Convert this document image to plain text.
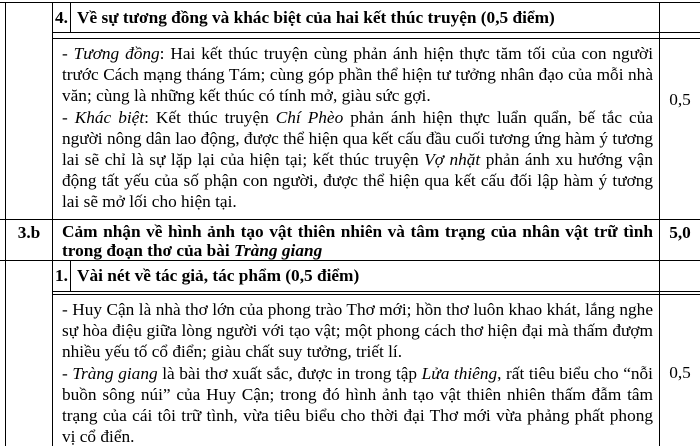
4. Về sự tương đồng và khác biệt của hai kết thúc truyện (0,5 điểm)

- Tương đồng: Hai kết thúc truyện cùng phản ánh hiện thực tăm tối của con người trước Cách mạng tháng Tám; cùng góp phần thể hiện tư tưởng nhân đạo của mỗi nhà văn; cùng là những kết thúc có tính mở, giàu sức gợi.

- Khác biệt: Kết thúc truyện Chí Phèo phản ánh hiện thực luẩn quẩn, bế tắc của người nông dân lao động, được thể hiện qua kết cấu đầu cuối tương ứng hàm ý tương lai sẽ chỉ là sự lặp lại của hiện tại; kết thúc truyện Vợ nhặt phản ánh xu hướng vận động tất yếu của số phận con người, được thể hiện qua kết cấu đối lập hàm ý tương lai sẽ mở lối cho hiện tại.

0,5
3.b	Cảm nhận về hình ảnh tạo vật thiên nhiên và tâm trạng của nhân vật trữ tình trong đoạn thơ của bài Tràng giang
5,0
1. Vài nét về tác giả, tác phẩm (0,5 điểm)

- Huy Cận là nhà thơ lớn của phong trào Thơ mới; hồn thơ luôn khao khát, lắng nghe sự hòa điệu giữa lòng người với tạo vật; một phong cách thơ hiện đại mà thấm đượm nhiều yếu tố cổ điển; giàu chất suy tưởng, triết lí.

- Tràng giang là bài thơ xuất sắc, được in trong tập Lửa thiêng, rất tiêu biểu cho “nỗi buồn sông núi” của Huy Cận; trong đó hình ảnh tạo vật thiên nhiên thấm đẫm tâm trạng của cái tôi trữ tình, vừa tiêu biểu cho thời đại Thơ mới vừa phảng phất phong vị cổ điển.

0,5
